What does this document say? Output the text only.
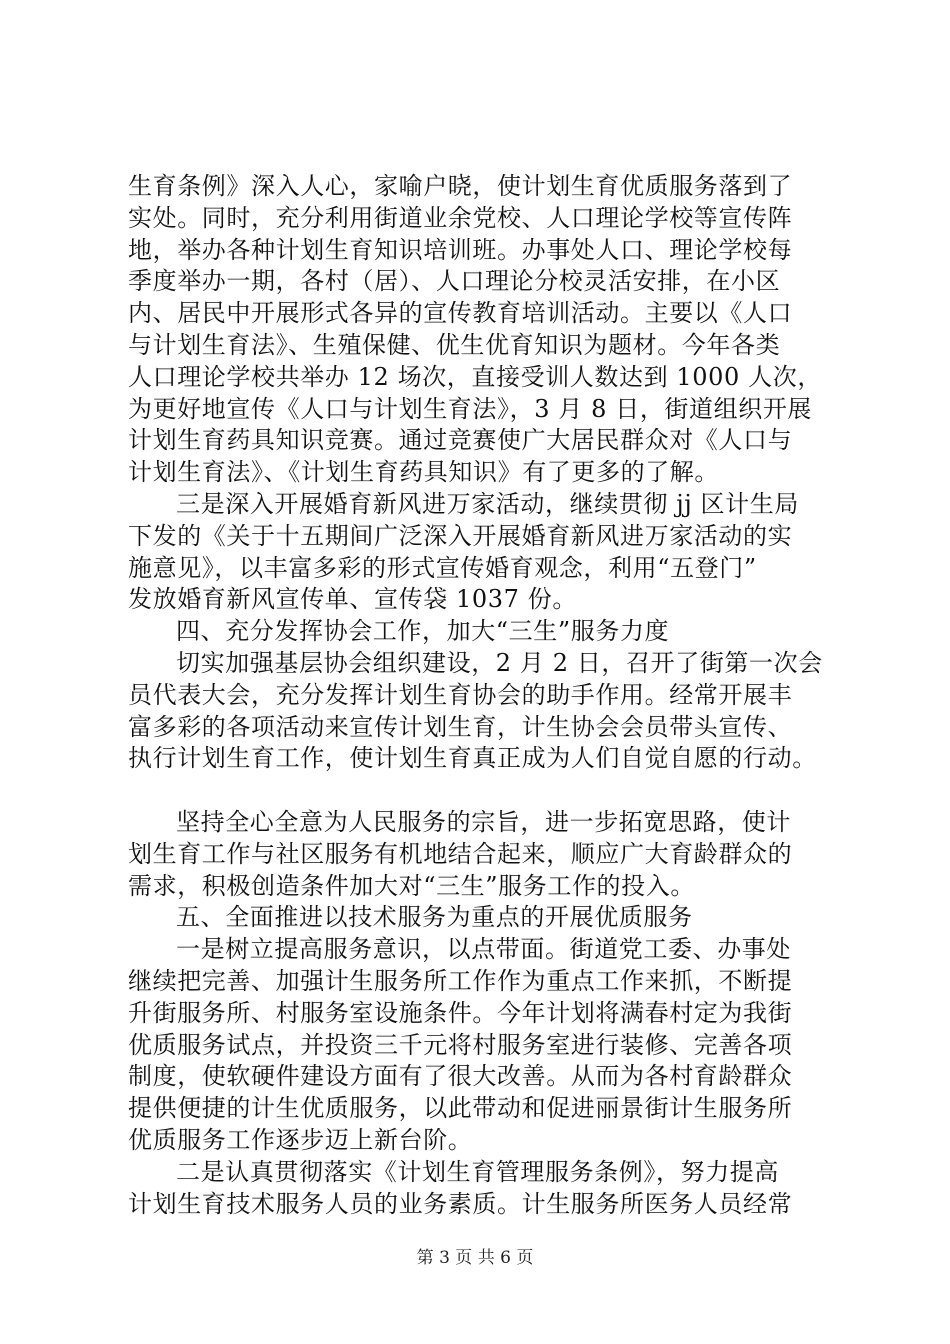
生育条例》深入人心，家喻户晓，使计划生育优质服务落到了
实处。同时，充分利用街道业余党校、人口理论学校等宣传阵
地，举办各种计划生育知识培训班。办事处人口、理论学校每
季度举办一期，各村（居）、人口理论分校灵活安排，在小区
内、居民中开展形式各异的宣传教育培训活动。主要以《人口
与计划生育法》、生殖保健、优生优育知识为题材。今年各类
人口理论学校共举办 12 场次，直接受训人数达到 1000 人次，
为更好地宣传《人口与计划生育法》，3 月 8 日，街道组织开展
计划生育药具知识竞赛。通过竞赛使广大居民群众对《人口与
计划生育法》、《计划生育药具知识》有了更多的了解。
三是深入开展婚育新风进万家活动，继续贯彻 jj 区计生局
下发的《关于十五期间广泛深入开展婚育新风进万家活动的实
施意见》，以丰富多彩的形式宣传婚育观念，利用“五登门”
发放婚育新风宣传单、宣传袋 1037 份。
四、充分发挥协会工作，加大“三生”服务力度
切实加强基层协会组织建设，2 月 2 日，召开了街第一次会
员代表大会，充分发挥计划生育协会的助手作用。经常开展丰
富多彩的各项活动来宣传计划生育，计生协会会员带头宣传、
执行计划生育工作，使计划生育真正成为人们自觉自愿的行动。
坚持全心全意为人民服务的宗旨，进一步拓宽思路，使计
划生育工作与社区服务有机地结合起来，顺应广大育龄群众的
需求，积极创造条件加大对“三生”服务工作的投入。
五、全面推进以技术服务为重点的开展优质服务
一是树立提高服务意识，以点带面。街道党工委、办事处
继续把完善、加强计生服务所工作作为重点工作来抓，不断提
升街服务所、村服务室设施条件。今年计划将满春村定为我街
优质服务试点，并投资三千元将村服务室进行装修、完善各项
制度，使软硬件建设方面有了很大改善。从而为各村育龄群众
提供便捷的计生优质服务，以此带动和促进丽景街计生服务所
优质服务工作逐步迈上新台阶。
二是认真贯彻落实《计划生育管理服务条例》，努力提高
计划生育技术服务人员的业务素质。计生服务所医务人员经常
第 3 页 共 6 页
